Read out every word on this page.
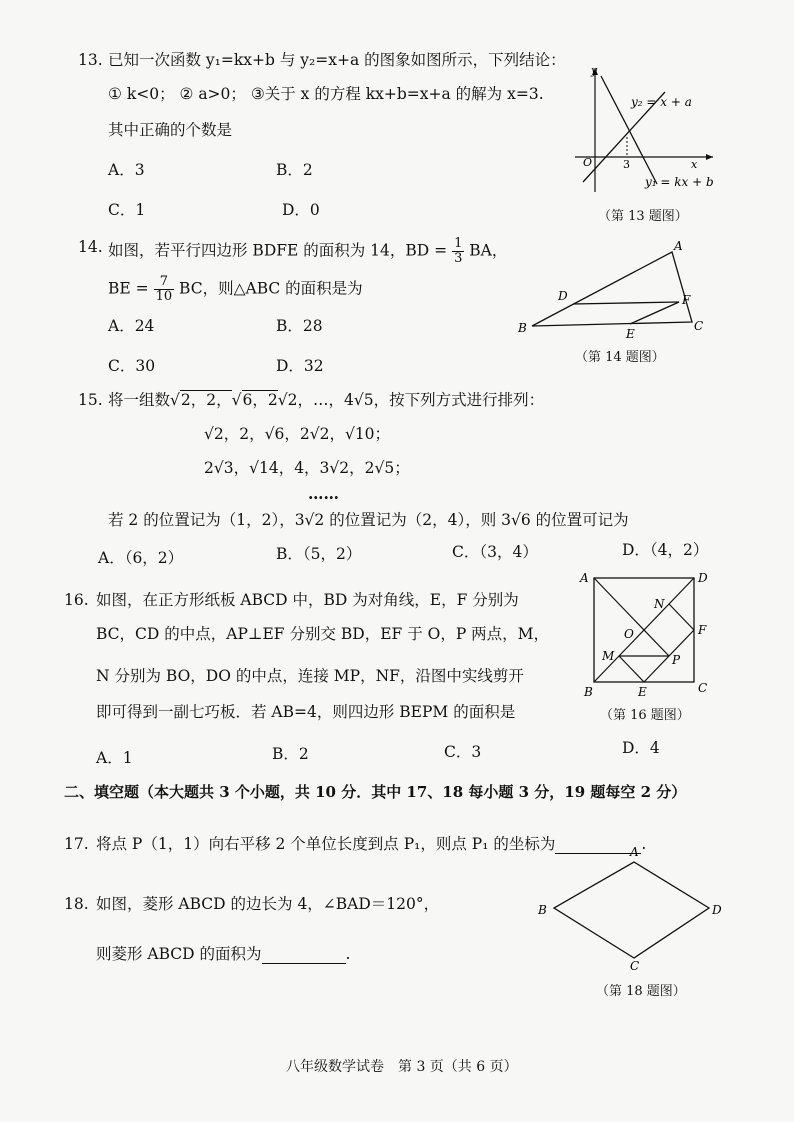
13. 已知一次函数 y₁=kx+b 与 y₂=x+a 的图象如图所示，下列结论：
① k<0； ② a>0； ③关于 x 的方程 kx+b=x+a 的解为 x=3.
其中正确的个数是
A．3	B．2
C．1	D．0
y
x
O	3
y₂ = x + a
y₁ = kx + b
（第 13 题图）
14. 如图，若平行四边形 BDFE 的面积为 14，BD = $\frac{1}{3}$ BA，
BE = $\frac{7}{10}$ BC，则△ABC 的面积是为
A．24	B．28
C．30	D．32
A
B	C
D
E
F
（第 14 题图）
15. 将一组数√2，2，√6，2√2，…，4√5，按下列方式进行排列：
√2，2，√6，2√2，√10；
2√3，√14，4，3√2，2√5；
……
若 2 的位置记为（1，2），3√2 的位置记为（2，4），则 3√6 的位置可记为
A．（6，2）	B．（5，2）	C．（3，4）	D．（4，2）
16. 如图，在正方形纸板 ABCD 中，BD 为对角线，E，F 分别为
BC，CD 的中点，AP⊥EF 分别交 BD，EF 于 O，P 两点，M，
N 分别为 BO，DO 的中点，连接 MP，NF，沿图中实线剪开
即可得到一副七巧板．若 AB=4，则四边形 BEPM 的面积是
A．1	B．2	C．3	D．4
A	D
B	C
E
F
M
N
O
P
（第 16 题图）
二、填空题（本大题共 3 个小题，共 10 分．其中 17、18 每小题 3 分，19 题每空 2 分）
17. 将点 P（1，1）向右平移 2 个单位长度到点 P₁，则点 P₁ 的坐标为	.
18. 如图，菱形 ABCD 的边长为 4，∠BAD＝120°，
则菱形 ABCD 的面积为	.
A
B
C
D
（第 18 题图）
八年级数学试卷　第 3 页（共 6 页）
